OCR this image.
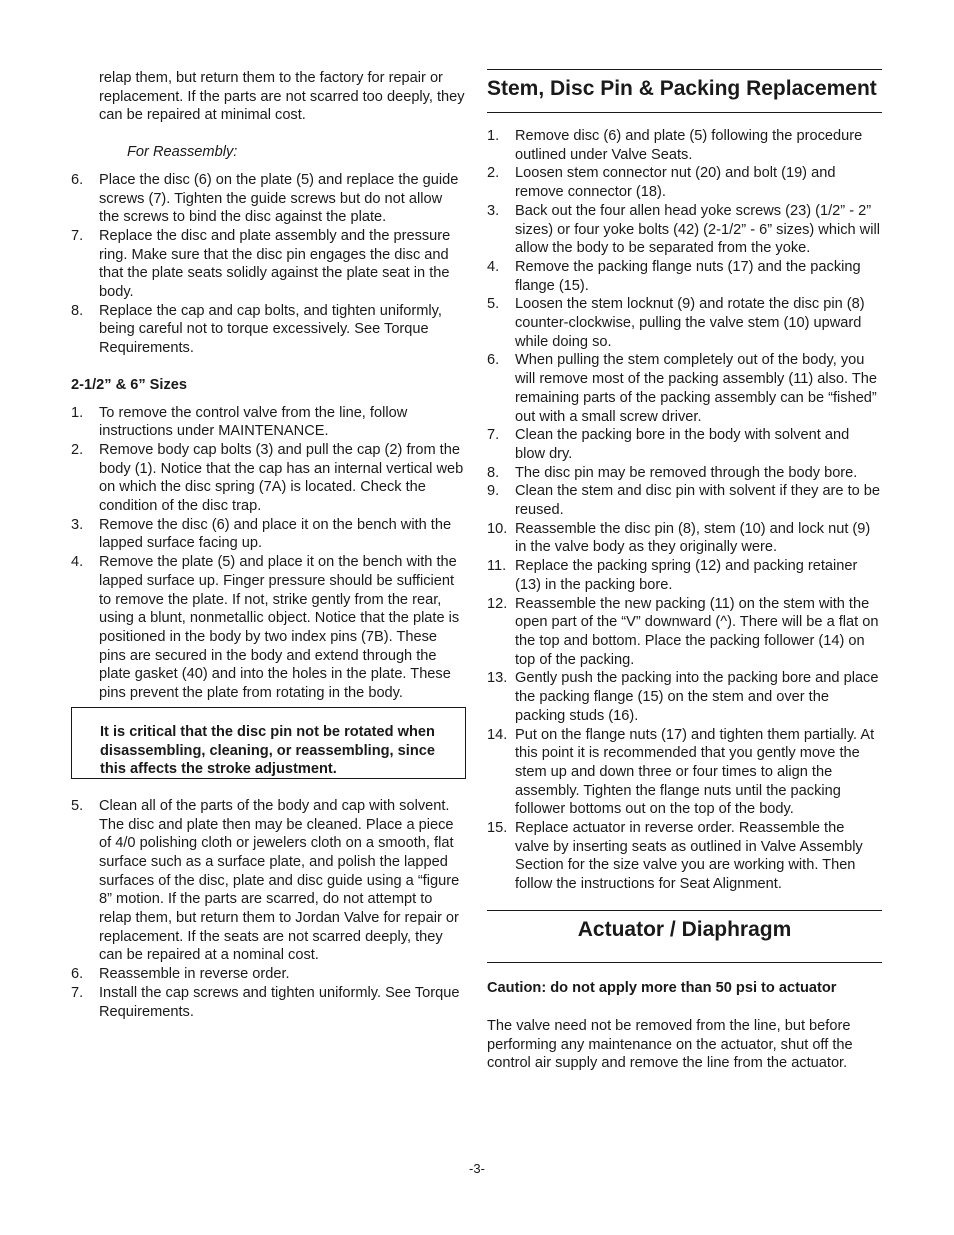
relap them, but return them to the factory for repair or replacement. If the parts are not scarred too deeply, they can be repaired at minimal cost.

For Reassembly:

6. Place the disc (6) on the plate (5) and replace the guide screws (7). Tighten the guide screws but do not allow the screws to bind the disc against the plate.
7. Replace the disc and plate assembly and the pressure ring. Make sure that the disc pin engages the disc and that the plate seats solidly against the plate seat in the body.
8. Replace the cap and cap bolts, and tighten uniformly, being careful not to torque excessively. See Torque Requirements.

2-1/2” & 6” Sizes

1. To remove the control valve from the line, follow instructions under MAINTENANCE.
2. Remove body cap bolts (3) and pull the cap (2) from the body (1). Notice that the cap has an internal vertical web on which the disc spring (7A) is located. Check the condition of the disc trap.
3. Remove the disc (6) and place it on the bench with the lapped surface facing up.
4. Remove the plate (5) and place it on the bench with the lapped surface up. Finger pressure should be sufficient to remove the plate. If not, strike gently from the rear, using a blunt, nonmetallic object. Notice that the plate is positioned in the body by two index pins (7B). These pins are secured in the body and extend through the plate gasket (40) and into the holes in the plate. These pins prevent the plate from rotating in the body.
It is critical that the disc pin not be rotated when disassembling, cleaning, or reassembling, since this affects the stroke adjustment.
5. Clean all of the parts of the body and cap with solvent. The disc and plate then may be cleaned. Place a piece of 4/0 polishing cloth or jewelers cloth on a smooth, flat surface such as a surface plate, and polish the lapped surfaces of the disc, plate and disc guide using a “figure 8” motion. If the parts are scarred, do not attempt to relap them, but return them to Jordan Valve for repair or replacement. If the seats are not scarred deeply, they can be repaired at a nominal cost.
6. Reassemble in reverse order.
7. Install the cap screws and tighten uniformly. See Torque Requirements.
Stem, Disc Pin & Packing Replacement
1. Remove disc (6) and plate (5) following the procedure outlined under Valve Seats.
2. Loosen stem connector nut (20) and bolt (19) and remove connector (18).
3. Back out the four allen head yoke screws (23) (1/2” - 2” sizes) or four yoke bolts (42) (2-1/2” - 6” sizes) which will allow the body to be separated from the yoke.
4. Remove the packing flange nuts (17) and the packing flange (15).
5. Loosen the stem locknut (9) and rotate the disc pin (8) counter-clockwise, pulling the valve stem (10) upward while doing so.
6. When pulling the stem completely out of the body, you will remove most of the packing assembly (11) also. The remaining parts of the packing assembly can be “fished” out with a small screw driver.
7. Clean the packing bore in the body with solvent and blow dry.
8. The disc pin may be removed through the body bore.
9. Clean the stem and disc pin with solvent if they are to be reused.
10. Reassemble the disc pin (8), stem (10) and lock nut (9) in the valve body as they originally were.
11. Replace the packing spring (12) and packing retainer (13) in the packing bore.
12. Reassemble the new packing (11) on the stem with the open part of the “V” downward (^). There will be a flat on the top and bottom. Place the packing follower (14) on top of the packing.
13. Gently push the packing into the packing bore and place the packing flange (15) on the stem and over the packing studs (16).
14. Put on the flange nuts (17) and tighten them partially. At this point it is recommended that you gently move the stem up and down three or four times to align the assembly. Tighten the flange nuts until the packing follower bottoms out on the top of the body.
15. Replace actuator in reverse order. Reassemble the valve by inserting seats as outlined in Valve Assembly Section for the size valve you are working with. Then follow the instructions for Seat Alignment.
Actuator / Diaphragm

Caution: do not apply more than 50 psi to actuator

The valve need not be removed from the line, but before performing any maintenance on the actuator, shut off the control air supply and remove the line from the actuator.

-3-
